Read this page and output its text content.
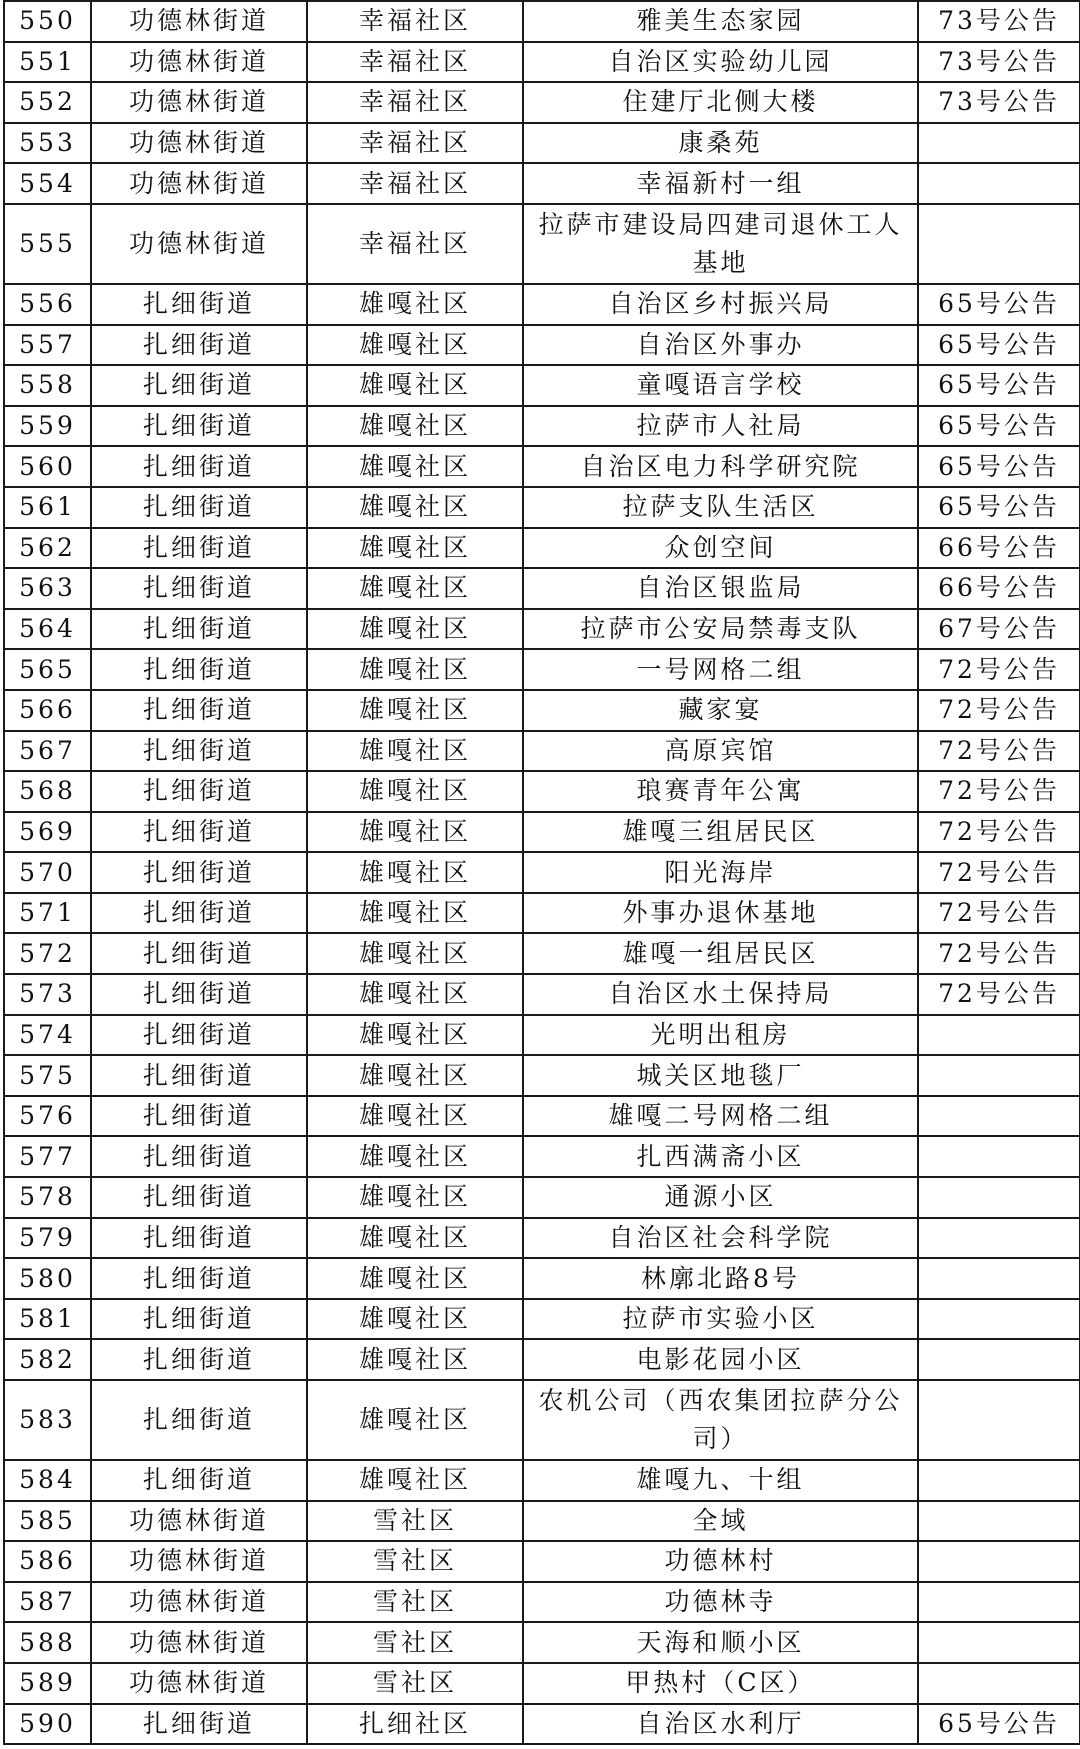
550	功德林街道	幸福社区	雅美生态家园	73号公告
551	功德林街道	幸福社区	自治区实验幼儿园	73号公告
552	功德林街道	幸福社区	住建厅北侧大楼	73号公告
553	功德林街道	幸福社区	康桑苑	
554	功德林街道	幸福社区	幸福新村一组	
555	功德林街道	幸福社区	拉萨市建设局四建司退休工人基地	
556	扎细街道	雄嘎社区	自治区乡村振兴局	65号公告
557	扎细街道	雄嘎社区	自治区外事办	65号公告
558	扎细街道	雄嘎社区	童嘎语言学校	65号公告
559	扎细街道	雄嘎社区	拉萨市人社局	65号公告
560	扎细街道	雄嘎社区	自治区电力科学研究院	65号公告
561	扎细街道	雄嘎社区	拉萨支队生活区	65号公告
562	扎细街道	雄嘎社区	众创空间	66号公告
563	扎细街道	雄嘎社区	自治区银监局	66号公告
564	扎细街道	雄嘎社区	拉萨市公安局禁毒支队	67号公告
565	扎细街道	雄嘎社区	一号网格二组	72号公告
566	扎细街道	雄嘎社区	藏家宴	72号公告
567	扎细街道	雄嘎社区	高原宾馆	72号公告
568	扎细街道	雄嘎社区	琅赛青年公寓	72号公告
569	扎细街道	雄嘎社区	雄嘎三组居民区	72号公告
570	扎细街道	雄嘎社区	阳光海岸	72号公告
571	扎细街道	雄嘎社区	外事办退休基地	72号公告
572	扎细街道	雄嘎社区	雄嘎一组居民区	72号公告
573	扎细街道	雄嘎社区	自治区水土保持局	72号公告
574	扎细街道	雄嘎社区	光明出租房	
575	扎细街道	雄嘎社区	城关区地毯厂	
576	扎细街道	雄嘎社区	雄嘎二号网格二组	
577	扎细街道	雄嘎社区	扎西满斋小区	
578	扎细街道	雄嘎社区	通源小区	
579	扎细街道	雄嘎社区	自治区社会科学院	
580	扎细街道	雄嘎社区	林廓北路8号	
581	扎细街道	雄嘎社区	拉萨市实验小区	
582	扎细街道	雄嘎社区	电影花园小区	
583	扎细街道	雄嘎社区	农机公司（西农集团拉萨分公司）	
584	扎细街道	雄嘎社区	雄嘎九、十组	
585	功德林街道	雪社区	全域	
586	功德林街道	雪社区	功德林村	
587	功德林街道	雪社区	功德林寺	
588	功德林街道	雪社区	天海和顺小区	
589	功德林街道	雪社区	甲热村（C区）	
590	扎细街道	扎细社区	自治区水利厅	65号公告
